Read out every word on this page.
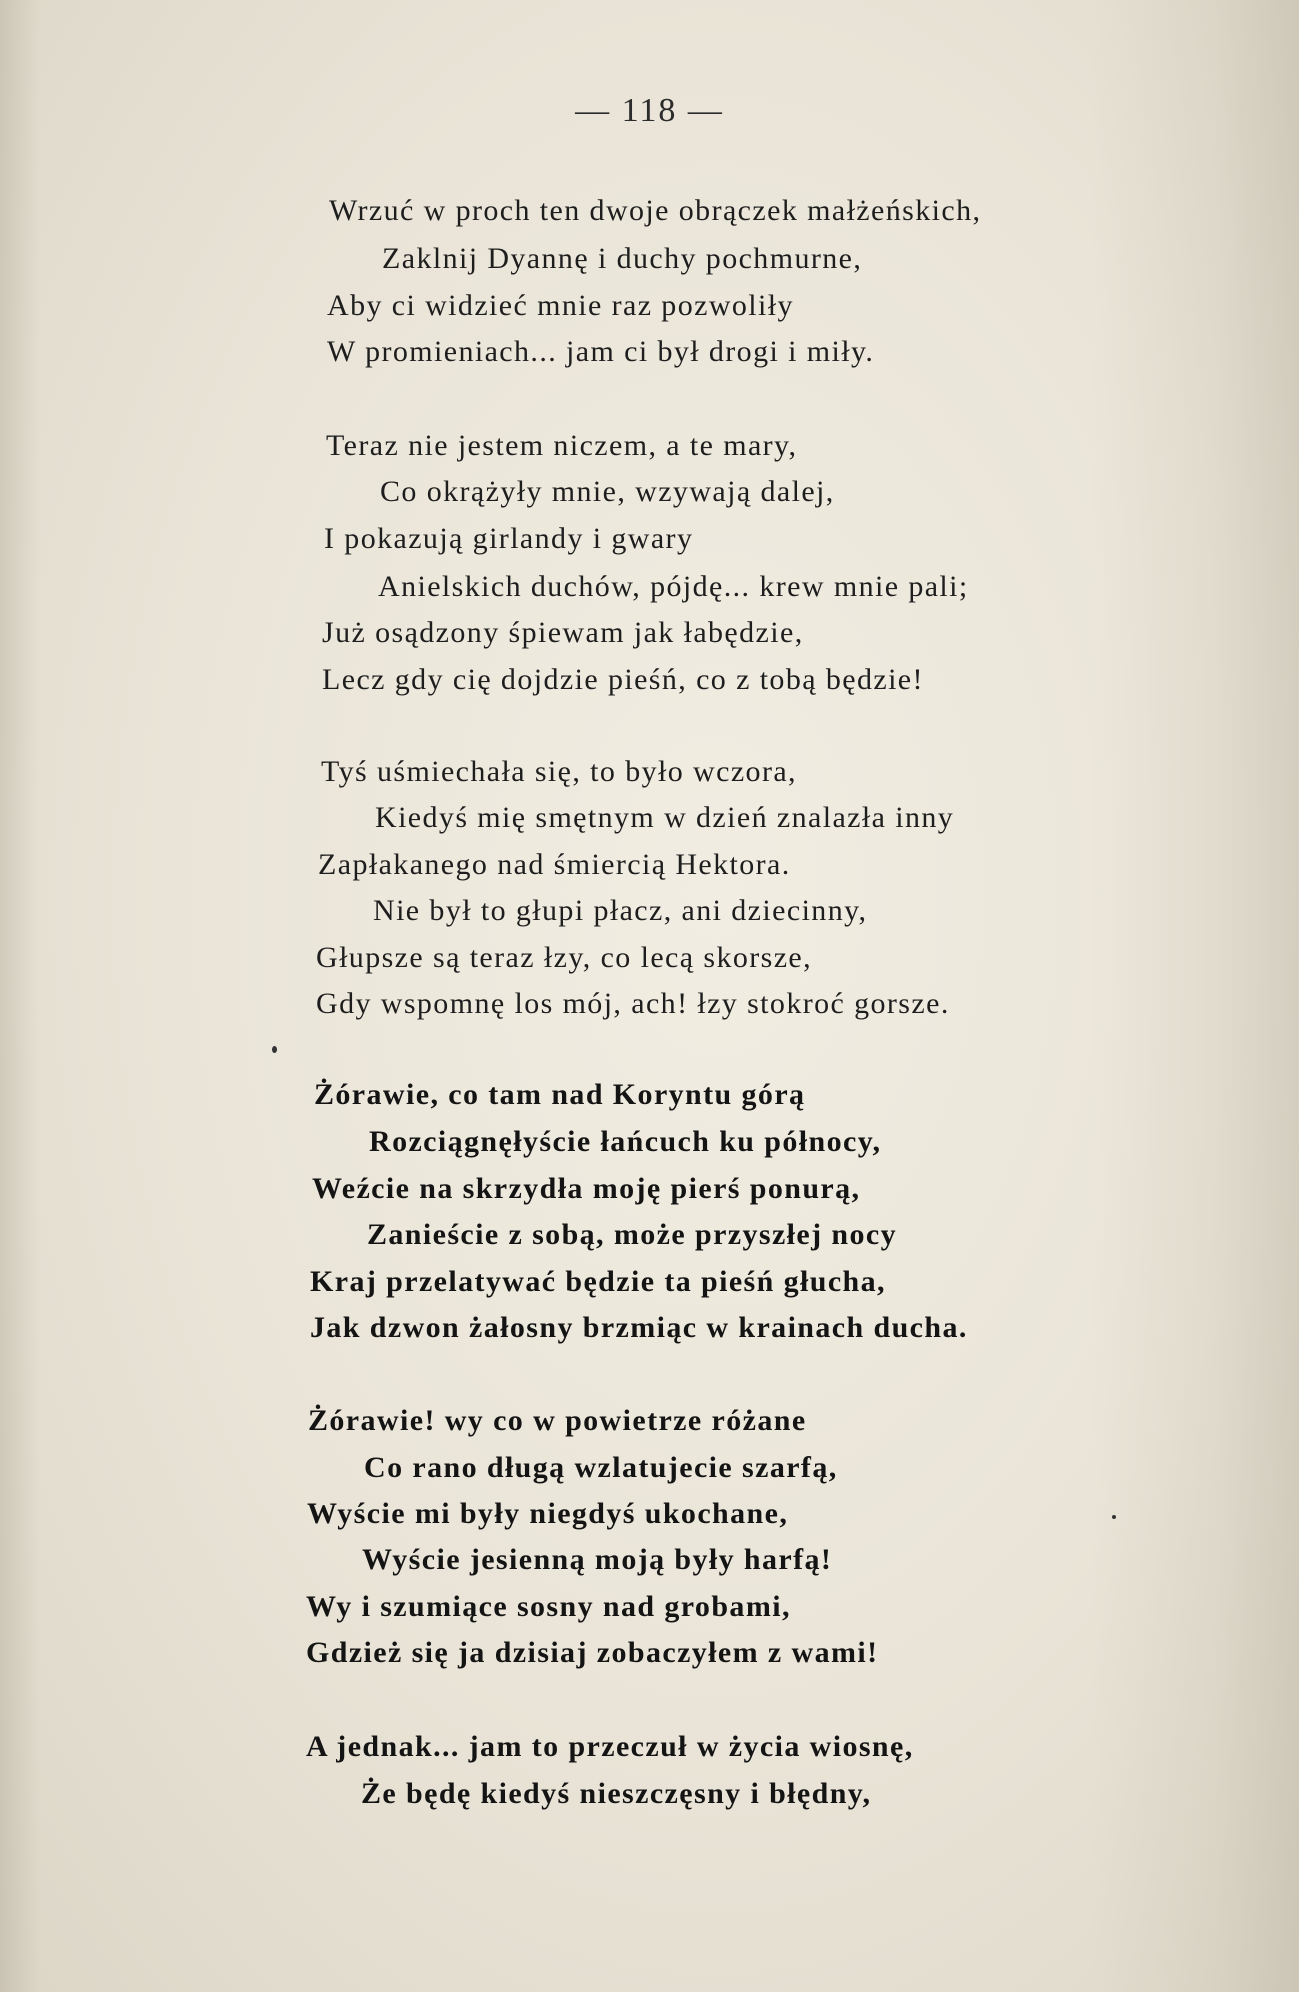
— 118 —
Wrzuć w proch ten dwoje obrączek małżeńskich,
Zaklnij Dyannę i duchy pochmurne,
Aby ci widzieć mnie raz pozwoliły
W promieniach... jam ci był drogi i miły.
Teraz nie jestem niczem, a te mary,
Co okrążyły mnie, wzywają dalej,
I pokazują girlandy i gwary
Anielskich duchów, pójdę... krew mnie pali;
Już osądzony śpiewam jak łabędzie,
Lecz gdy cię dojdzie pieśń, co z tobą będzie!
Tyś uśmiechała się, to było wczora,
Kiedyś mię smętnym w dzień znalazła inny
Zapłakanego nad śmiercią Hektora.
Nie był to głupi płacz, ani dziecinny,
Głupsze są teraz łzy, co lecą skorsze,
Gdy wspomnę los mój, ach! łzy stokroć gorsze.
Żórawie, co tam nad Koryntu górą
Rozciągnęłyście łańcuch ku północy,
Weźcie na skrzydła moję pierś ponurą,
Zanieście z sobą, może przyszłej nocy
Kraj przelatywać będzie ta pieśń głucha,
Jak dzwon żałosny brzmiąc w krainach ducha.
Żórawie! wy co w powietrze różane
Co rano długą wzlatujecie szarfą,
Wyście mi były niegdyś ukochane,
Wyście jesienną moją były harfą!
Wy i szumiące sosny nad grobami,
Gdzież się ja dzisiaj zobaczyłem z wami!
A jednak... jam to przeczuł w życia wiosnę,
Że będę kiedyś nieszczęsny i błędny,
